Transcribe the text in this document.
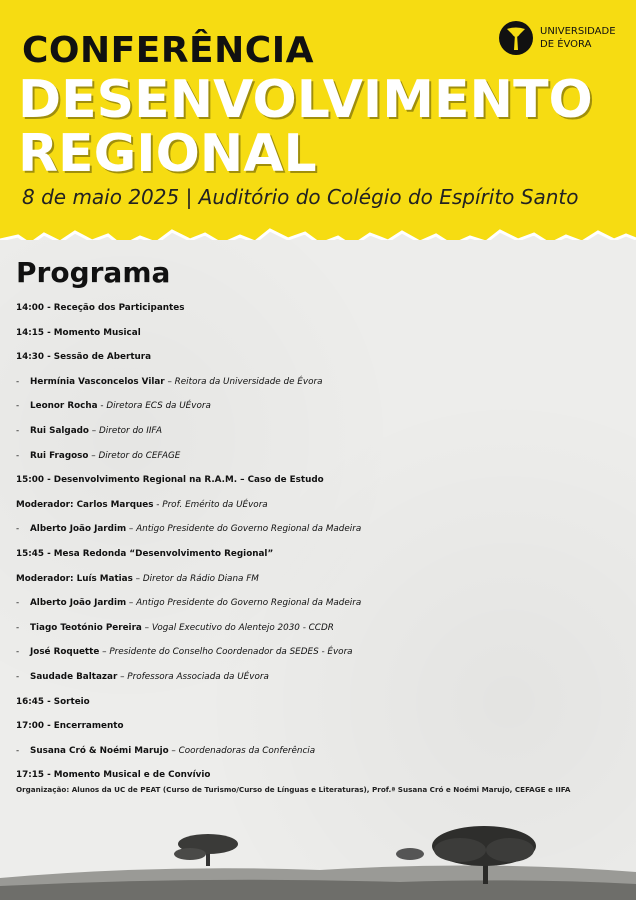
CONFERÊNCIA
DESENVOLVIMENTO
REGIONAL
8 de maio 2025 | Auditório do Colégio do Espírito Santo
UNIVERSIDADE
DE ÉVORA
Programa
14:00 - Receção dos Participantes
14:15 - Momento Musical
14:30 - Sessão de Abertura
- Hermínia Vasconcelos Vilar – Reitora da Universidade de Évora
- Leonor Rocha - Diretora ECS da UÉvora
- Rui Salgado – Diretor do IIFA
- Rui Fragoso – Diretor do CEFAGE
15:00 - Desenvolvimento Regional na R.A.M. – Caso de Estudo
Moderador: Carlos Marques - Prof. Emérito da UÉvora
- Alberto João Jardim – Antigo Presidente do Governo Regional da Madeira
15:45 - Mesa Redonda “Desenvolvimento Regional”
Moderador: Luís Matias – Diretor da Rádio Diana FM
- Alberto João Jardim – Antigo Presidente do Governo Regional da Madeira
- Tiago Teotónio Pereira – Vogal Executivo do Alentejo 2030 - CCDR
- José Roquette – Presidente do Conselho Coordenador da SEDES - Évora
- Saudade Baltazar – Professora Associada da UÉvora
16:45 - Sorteio
17:00 - Encerramento
- Susana Cró & Noémi Marujo – Coordenadoras da Conferência
17:15 - Momento Musical e de Convívio
Organização: Alunos da UC de PEAT (Curso de Turismo/Curso de Línguas e Literaturas), Prof.ª Susana Cró e Noémi Marujo, CEFAGE e IIFA
